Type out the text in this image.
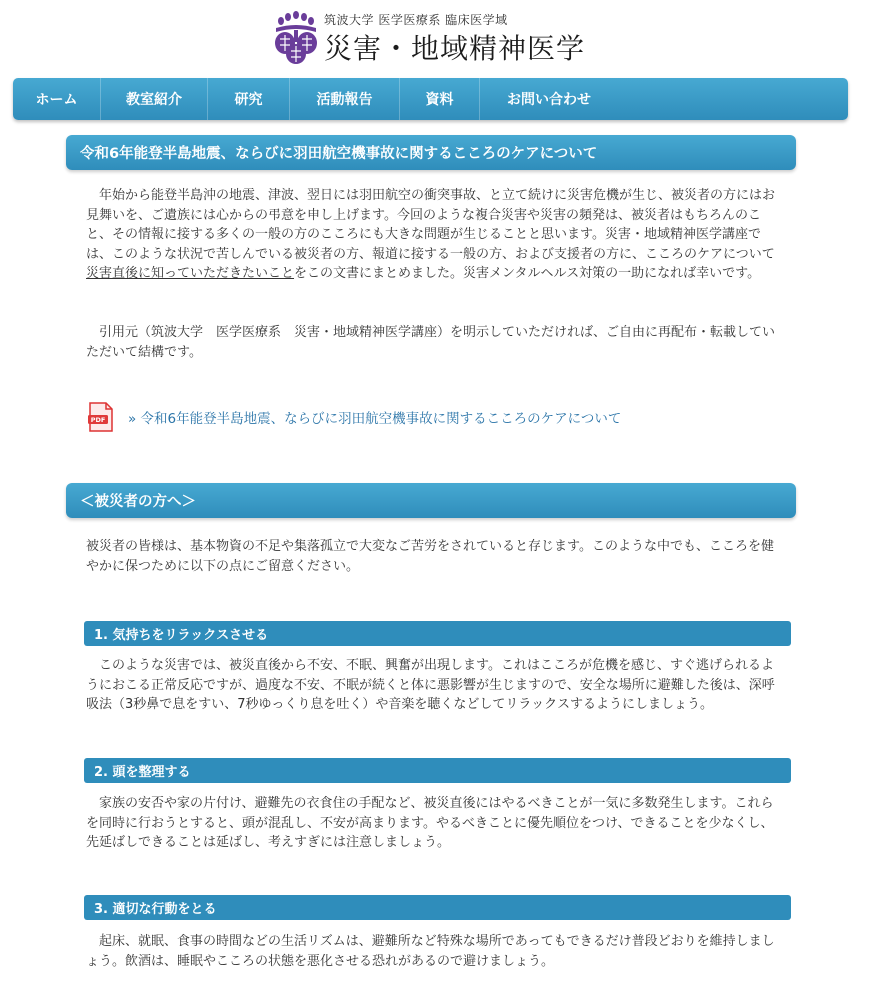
筑波大学 医学医療系 臨床医学域
災害・地域精神医学
ホーム	教室紹介	研究	活動報告	資料	お問い合わせ
令和6年能登半島地震、ならびに羽田航空機事故に関するこころのケアについて
　年始から能登半島沖の地震、津波、翌日には羽田航空の衝突事故、と立て続けに災害危機が生じ、被災者の方にはお見舞いを、ご遺族には心からの弔意を申し上げます。今回のような複合災害や災害の頻発は、被災者はもちろんのこと、その情報に接する多くの一般の方のこころにも大きな問題が生じることと思います。災害・地域精神医学講座では、このような状況で苦しんでいる被災者の方、報道に接する一般の方、および支援者の方に、こころのケアについて災害直後に知っていただきたいことをこの文書にまとめました。災害メンタルヘルス対策の一助になれば幸いです。
　引用元（筑波大学　医学医療系　災害・地域精神医学講座）を明示していただければ、ご自由に再配布・転載していただいて結構です。
PDF » 令和6年能登半島地震、ならびに羽田航空機事故に関するこころのケアについて
＜被災者の方へ＞
被災者の皆様は、基本物資の不足や集落孤立で大変なご苦労をされていると存じます。このような中でも、こころを健やかに保つために以下の点にご留意ください。
1. 気持ちをリラックスさせる
　このような災害では、被災直後から不安、不眠、興奮が出現します。これはこころが危機を感じ、すぐ逃げられるようにおこる正常反応ですが、過度な不安、不眠が続くと体に悪影響が生じますので、安全な場所に避難した後は、深呼吸法（3秒鼻で息をすい、7秒ゆっくり息を吐く）や音楽を聴くなどしてリラックスするようにしましょう。
2. 頭を整理する
　家族の安否や家の片付け、避難先の衣食住の手配など、被災直後にはやるべきことが一気に多数発生します。これらを同時に行おうとすると、頭が混乱し、不安が高まります。やるべきことに優先順位をつけ、できることを少なくし、先延ばしできることは延ばし、考えすぎには注意しましょう。
3. 適切な行動をとる
　起床、就眠、食事の時間などの生活リズムは、避難所など特殊な場所であってもできるだけ普段どおりを維持しましょう。飲酒は、睡眠やこころの状態を悪化させる恐れがあるので避けましょう。
